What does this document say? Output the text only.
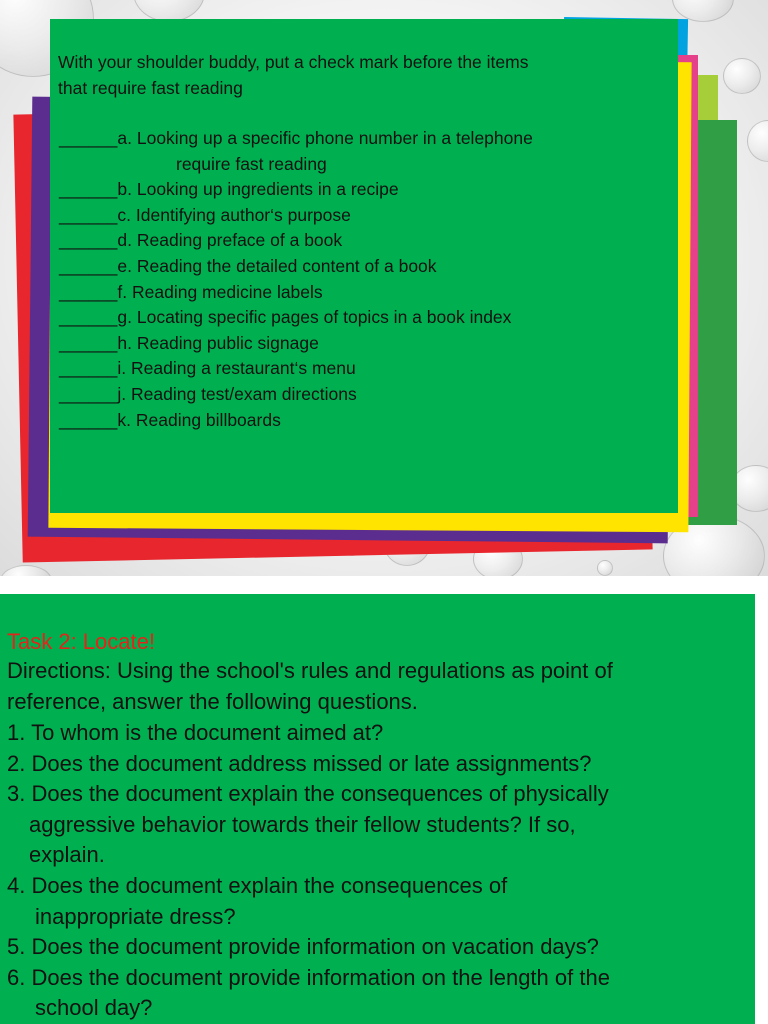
With your shoulder buddy, put a check mark before the items
that require fast reading
______a. Looking up a specific phone number in a telephone
require fast reading
______b. Looking up ingredients in a recipe
______c. Identifying author‘s purpose
______d. Reading preface of a book
______e. Reading the detailed content of a book
______f. Reading medicine labels
______g. Locating specific pages of topics in a book index
______h. Reading public signage
______i. Reading a restaurant‘s menu
______j. Reading test/exam directions
______k. Reading billboards
Task 2: Locate!
Directions: Using the school's rules and regulations as point of
reference, answer the following questions.
1. To whom is the document aimed at?
2. Does the document address missed or late assignments?
3. Does the document explain the consequences of physically
aggressive behavior towards their fellow students? If so,
explain.
4. Does the document explain the consequences of
inappropriate dress?
5. Does the document provide information on vacation days?
6. Does the document provide information on the length of the
school day?
